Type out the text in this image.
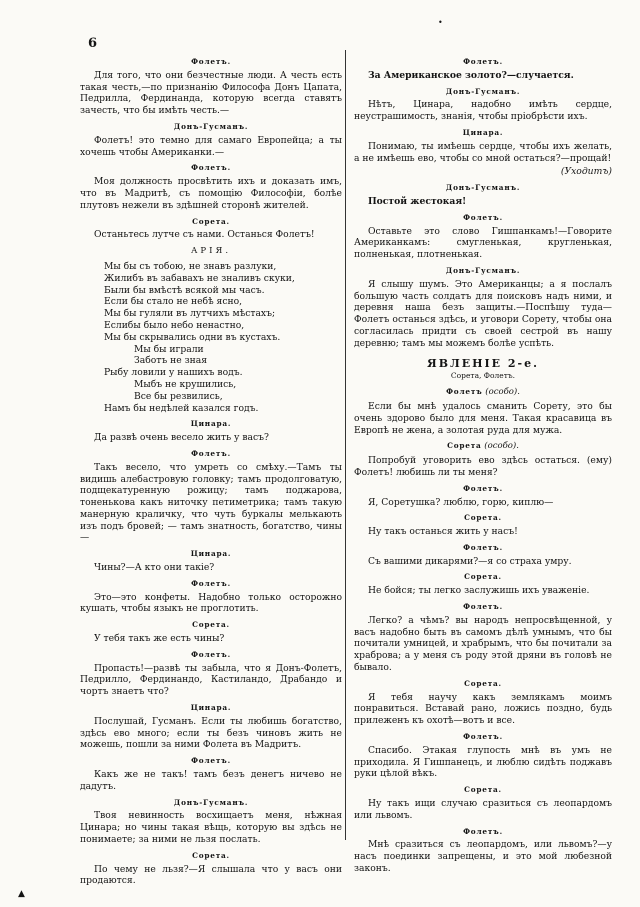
•
6
Фолетъ.

Для того, что они безчестные люди. А честь есть такая честь,—по признанію Философа Донъ Цапата, Педрилла, Фердинанда, которую всегда ставятъ зачесть, что бы имѣть честь.—

Донъ-Гусманъ.

Фолетъ! это темно для самаго Европейца; а ты хочешь чтобы Американки.—

Фолетъ.

Моя должность просвѣтить ихъ и доказать имъ, что въ Мадритѣ, съ помощію Философіи, болѣе плутовъ нежели въ здѣшней сторонѣ жителей.

Сорета.

Останьтесь лутче съ нами. Останься Фолетъ!

АРІЯ.
Мы бы съ тобою, не знавъ разлуки,
Жилибъ въ забавахъ не зналивъ скуки,
Были бы вмѣстѣ всякой мы часъ.
Если бы стало не небѣ ясно,
Мы бы гуляли въ лутчихъ мѣстахъ;
Еслибы было небо ненастно,
Мы бы скрывались одни въ кустахъ.
Мы бы играли
Заботъ не зная
Рыбу ловили у нашихъ водъ.
Мыбъ не крушились,
Все бы резвились,
Намъ бы недѣлей казался годъ.
Цинара.

Да развѣ очень весело жить у васъ?

Фолетъ.

Такъ весело, что умреть со смѣху.—Тамъ ты видишь алебастровую головку; тамъ продолговатую, подщекатуренную рожицу; тамъ поджарова, тоненькова какъ ниточку петиметрика; тамъ такую манерную краличку, что чуть буркалы мелькають изъ подъ бровей; — тамъ знатность, богатство, чины—

Цинара.

Чины?—А кто они такіе?

Фолетъ.

Это—это конфеты. Надобно только осторожно кушать, чтобы языкъ не проглотить.

Сорета.

У тебя такъ же есть чины?

Фолетъ.

Пропасть!—развѣ ты забыла, что я Донъ-Фолетъ, Педрилло, Фердинандо, Кастиландо, Драбандо и чортъ знаетъ что?

Цинара.

Послушай, Гусманъ. Если ты любишь богатство, здѣсь ево много; если ты безъ чиновъ жить не можешь, пошли за ними Фолета въ Мадритъ.

Фолетъ.

Какъ же не такъ! тамъ безъ денегъ ничево не дадутъ.

Донъ-Гусманъ.

Твоя невинность восхищаетъ меня, нѣжная Цинара; но чины такая вѣщь, которую вы здѣсь не понимаете; за ними не льзя послать.

Сорета.

По чему не льзя?—Я слышала что у васъ они продаются.

Фолетъ.

За Американское золото?—случается.

Донъ-Гусманъ.

Нѣтъ, Цинара, надобно имѣть сердце, неустрашимость, знанія, чтобы пріобрѣсти ихъ.

Цинара.

Понимаю, ты имѣешь сердце, чтобы ихъ желать, а не имѣешь ево, чтобы со мной остаться?—прощай!

(Уходитъ)
Донъ-Гусманъ.

Постой жестокая!

Фолетъ.

Оставьте это слово Гишпанкамъ!—Говорите Американкамъ: смугленькая, кругленькая, полненькая, плотненькая.

Донъ-Гусманъ.

Я слышу шумъ. Это Американцы; а я послалъ большую часть солдатъ для поисковъ надъ ними, и деревня наша безъ защиты.—Поспѣшу туда—Фолетъ останься здѣсь, и уговори Сорету, чтобы она согласилась придти съ своей сестрой въ нашу деревню; тамъ мы можемъ болѣе успѣть.

ЯВЛЕНІЕ 2-е.
Сорета, Фолетъ.
Фолетъ (особо).

Если бы мнѣ удалось сманить Сорету, это бы очень здорово было для меня. Такая красавица въ Европѣ не жена, а золотая руда для мужа.

Сорета (особо).

Попробуй уговорить ево здѣсь остаться. (ему) Фолетъ! любишь ли ты меня?

Фолетъ.

Я, Соретушка? люблю, горю, киплю—

Сорета.

Ну такъ останься жить у насъ!

Фолетъ.

Съ вашими дикарями?—я со страха умру.

Сорета.

Не бойся; ты легко заслужишь ихъ уваженіе.

Фолетъ.

Легко? а чѣмъ? вы народъ непросвѣщенной, у васъ надобно быть въ самомъ дѣлѣ умнымъ, что бы почитали умницей, и храбрымъ, что бы почитали за храброва; а у меня съ роду этой дряни въ головѣ не бывало.

Сорета.

Я тебя научу какъ землякамъ моимъ понравиться. Вставай рано, ложись поздно, будь прилеженъ къ охотѣ—вотъ и все.

Фолетъ.

Спасибо. Этакая глупость мнѣ въ умъ не приходила. Я Гишпанецъ, и люблю сидѣть поджавъ руки цѣлой вѣкъ.

Сорета.

Ну такъ ищи случаю сразиться съ леопардомъ или львомъ.

Фолетъ.

Мнѣ сразиться съ леопардомъ, или львомъ?—у насъ поединки запрещены, и это мой любезной законъ.

▲
